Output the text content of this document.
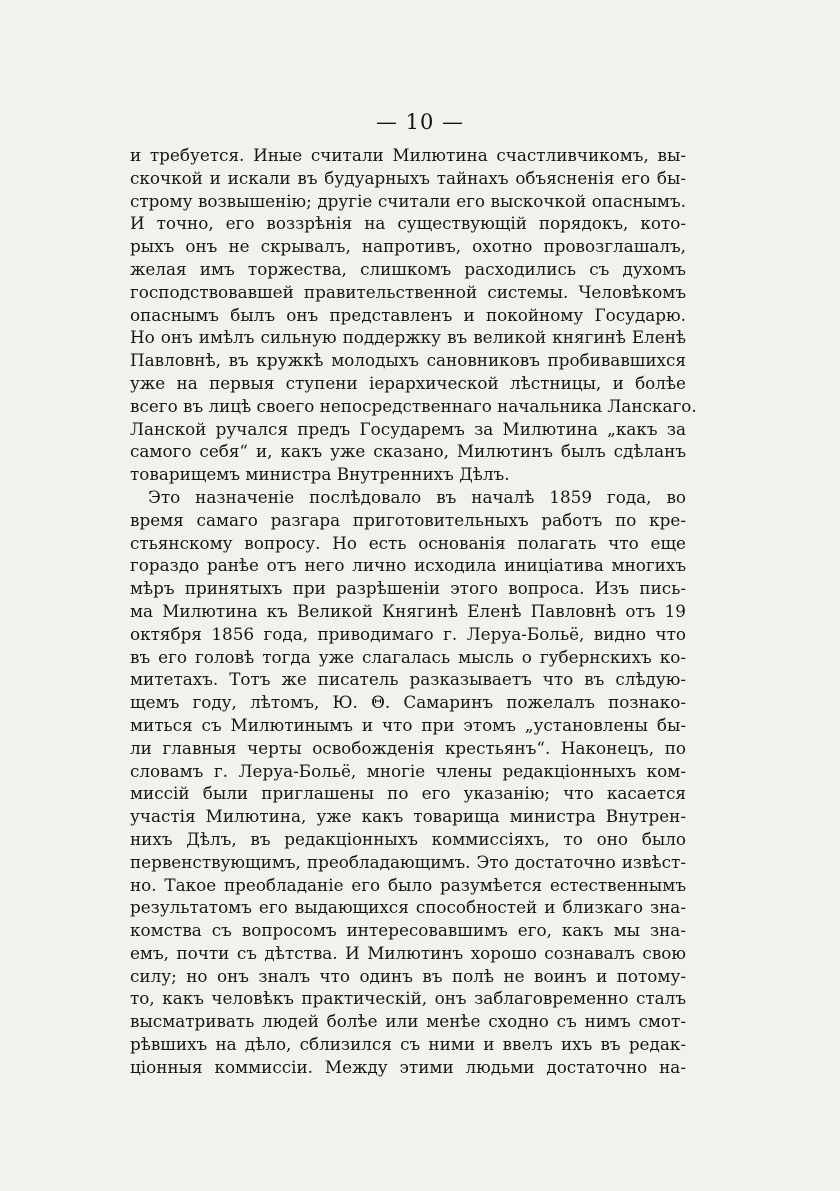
— 10 —
и требуется. Иные считали Милютина счастливчикомъ, вы-
скочкой и искали въ будуарныхъ тайнахъ объясненія его бы-
строму возвышенію; другіе считали его выскочкой опаснымъ.
И точно, его воззрѣнія на существующій порядокъ, кото-
рыхъ онъ не скрывалъ, напротивъ, охотно провозглашалъ,
желая имъ торжества, слишкомъ расходились съ духомъ
господствовавшей правительственной системы. Человѣкомъ
опаснымъ былъ онъ представленъ и покойному Государю.
Но онъ имѣлъ сильную поддержку въ великой княгинѣ Еленѣ
Павловнѣ, въ кружкѣ молодыхъ сановниковъ пробивавшихся
уже на первыя ступени іерархической лѣстницы, и болѣе
всего въ лицѣ своего непосредственнаго начальника Ланскаго.
Ланской ручался предъ Государемъ за Милютина „какъ за
самого себя“ и, какъ уже сказано, Милютинъ былъ сдѣланъ
товарищемъ министра Внутреннихъ Дѣлъ.
Это назначеніе послѣдовало въ началѣ 1859 года, во
время самаго разгара приготовительныхъ работъ по кре-
стьянскому вопросу. Но есть основанія полагать что еще
гораздо ранѣе отъ него лично исходила иниціатива многихъ
мѣръ принятыхъ при разрѣшеніи этого вопроса. Изъ пись-
ма Милютина къ Великой Княгинѣ Еленѣ Павловнѣ отъ 19
октября 1856 года, приводимаго г. Леруа-Больё, видно что
въ его головѣ тогда уже слагалась мысль о губернскихъ ко-
митетахъ. Тотъ же писатель разказываетъ что въ слѣдую-
щемъ году, лѣтомъ, Ю. Θ. Самаринъ пожелалъ познако-
миться съ Милютинымъ и что при этомъ „установлены бы-
ли главныя черты освобожденія крестьянъ“. Наконецъ, по
словамъ г. Леруа-Больё, многіе члены редакціонныхъ ком-
миссій были приглашены по его указанію; что касается
участія Милютина, уже какъ товарища министра Внутрен-
нихъ Дѣлъ, въ редакціонныхъ коммиссіяхъ, то оно было
первенствующимъ, преобладающимъ. Это достаточно извѣст-
но. Такое преобладаніе его было разумѣется естественнымъ
результатомъ его выдающихся способностей и близкаго зна-
комства съ вопросомъ интересовавшимъ его, какъ мы зна-
емъ, почти съ дѣтства. И Милютинъ хорошо сознавалъ свою
силу; но онъ зналъ что одинъ въ полѣ не воинъ и потому-
то, какъ человѣкъ практическій, онъ заблаговременно сталъ
высматривать людей болѣе или менѣе сходно съ нимъ смот-
рѣвшихъ на дѣло, сблизился съ ними и ввелъ ихъ въ редак-
ціонныя коммиссіи. Между этими людьми достаточно на-
